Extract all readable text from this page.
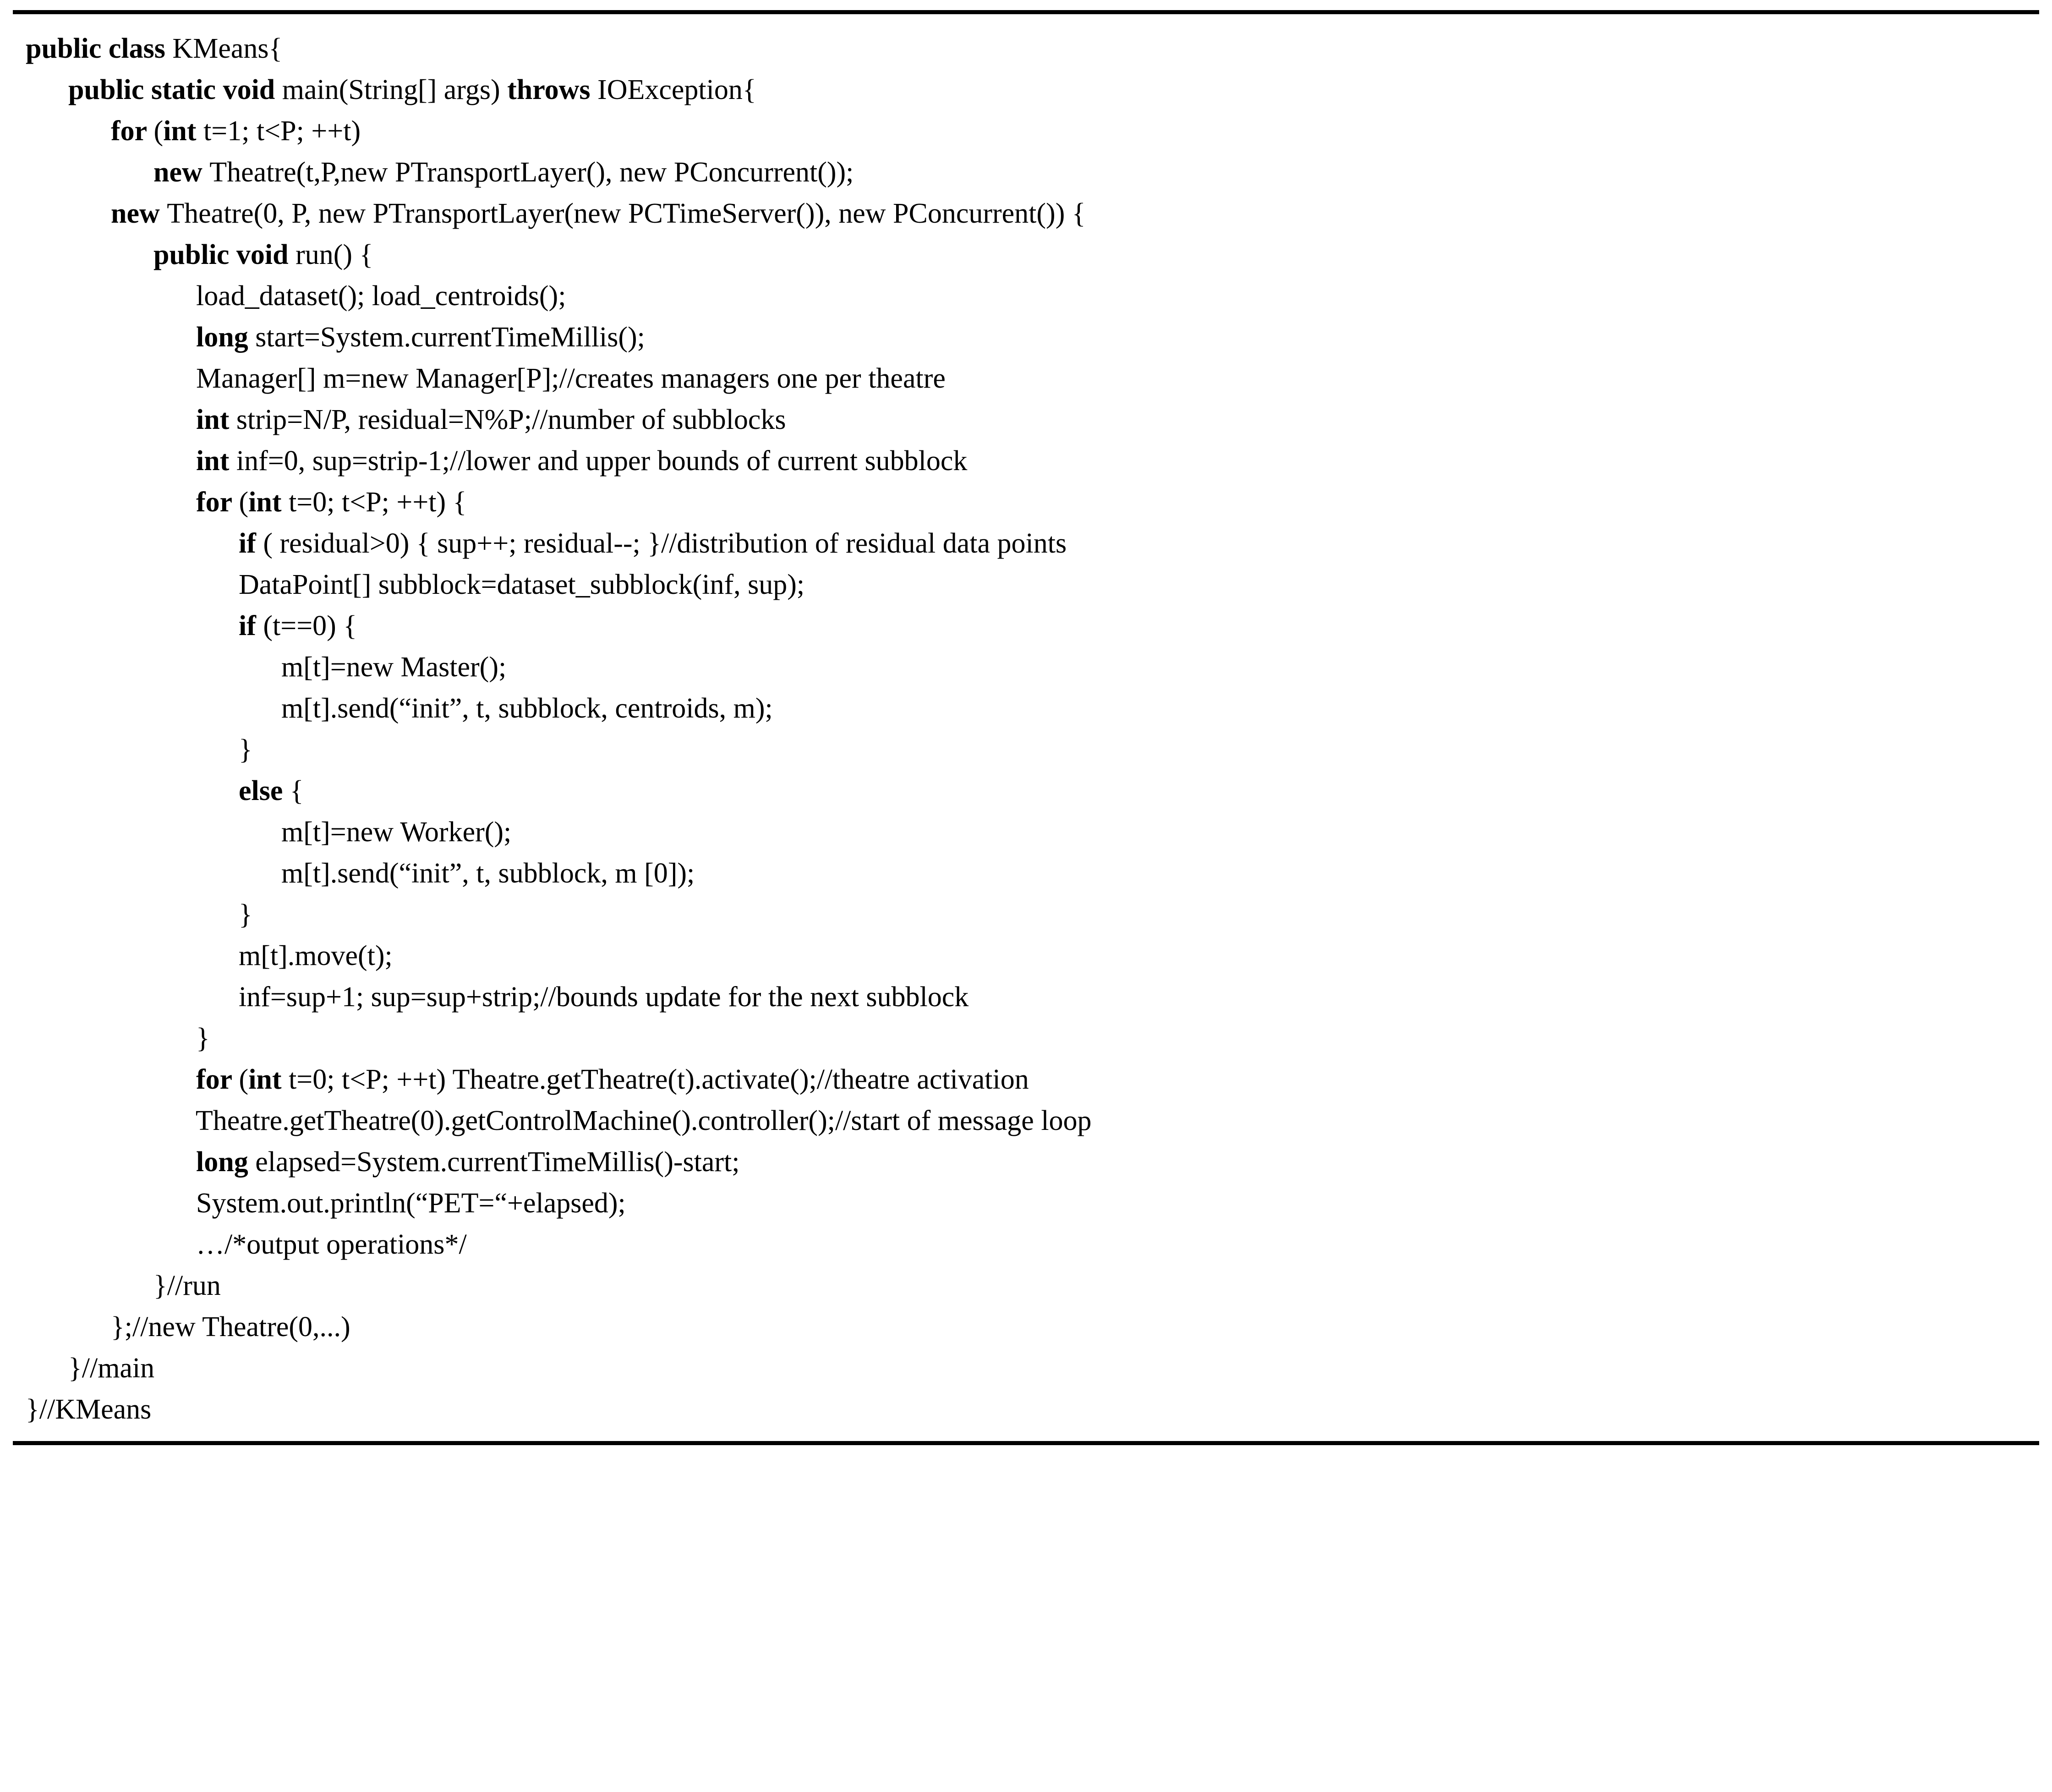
public class KMeans{
public static void main(String[] args) throws IOException{
for (int t=1; t<P; ++t)
new Theatre(t,P,new PTransportLayer(), new PConcurrent());
new Theatre(0, P, new PTransportLayer(new PCTimeServer()), new PConcurrent()) {
public void run() {
load_dataset(); load_centroids();
long start=System.currentTimeMillis();
Manager[] m=new Manager[P];//creates managers one per theatre
int strip=N/P, residual=N%P;//number of subblocks
int inf=0, sup=strip-1;//lower and upper bounds of current subblock
for (int t=0; t<P; ++t) {
if ( residual>0) { sup++; residual--; }//distribution of residual data points
DataPoint[] subblock=dataset_subblock(inf, sup);
if (t==0) {
m[t]=new Master();
m[t].send(“init”, t, subblock, centroids, m);
}
else {
m[t]=new Worker();
m[t].send(“init”, t, subblock, m [0]);
}
m[t].move(t);
inf=sup+1; sup=sup+strip;//bounds update for the next subblock
}
for (int t=0; t<P; ++t) Theatre.getTheatre(t).activate();//theatre activation
Theatre.getTheatre(0).getControlMachine().controller();//start of message loop
long elapsed=System.currentTimeMillis()-start;
System.out.println(“PET=“+elapsed);
…/*output operations*/
}//run
};//new Theatre(0,...)
}//main
}//KMeans
